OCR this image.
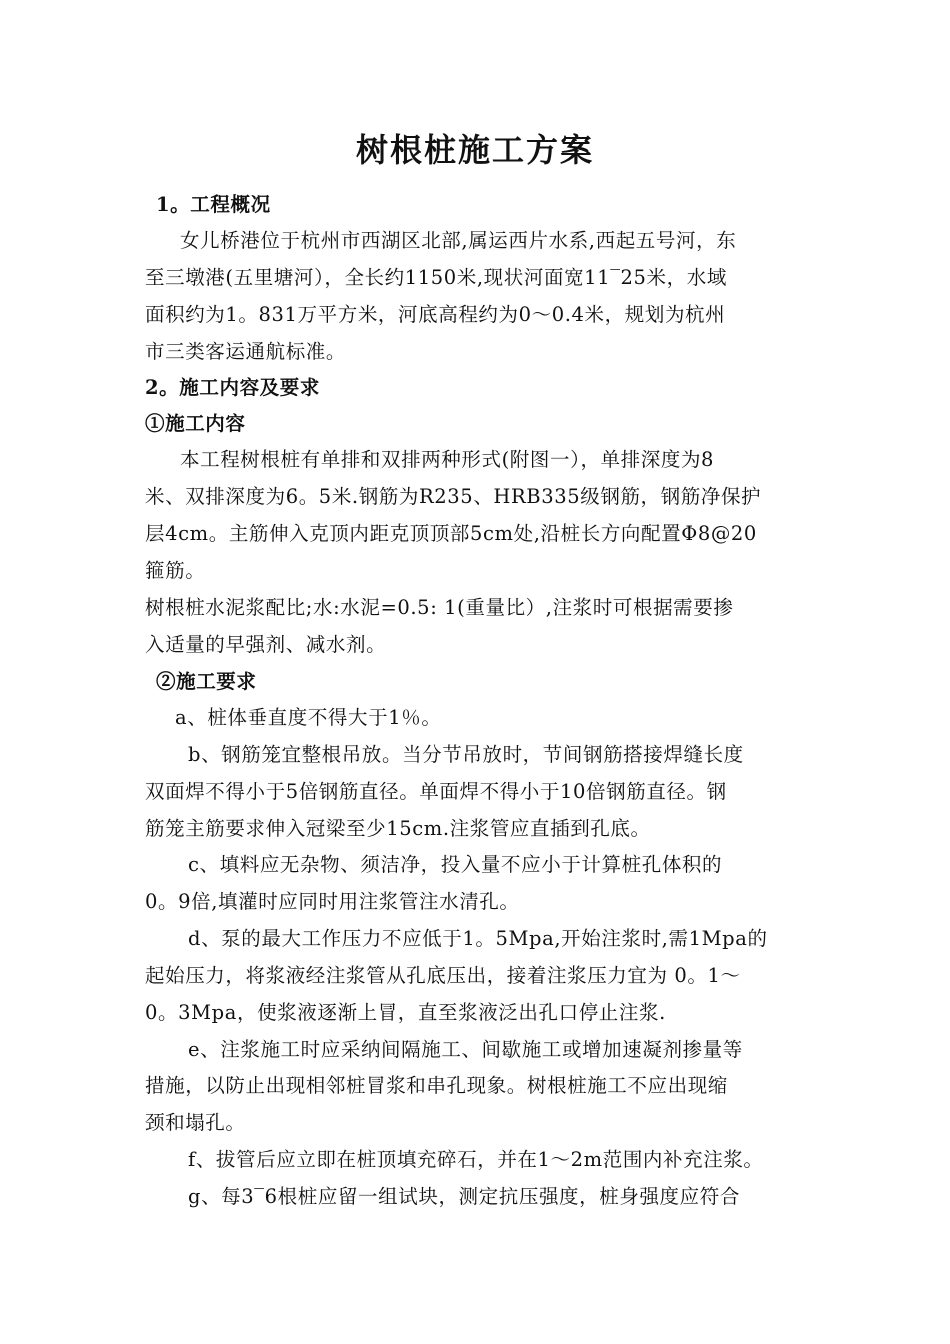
树根桩施工方案
1。工程概况
女儿桥港位于杭州市西湖区北部,属运西片水系,西起五号河，东
至三墩港(五里塘河），全长约1150米,现状河面宽11‾25米，水域
面积约为1。831万平方米，河底高程约为0～0.4米，规划为杭州
市三类客运通航标准。
2。施工内容及要求
①施工内容
本工程树根桩有单排和双排两种形式(附图一），单排深度为8
米、双排深度为6。5米.钢筋为R235、HRB335级钢筋，钢筋净保护
层4cm。主筋伸入克顶内距克顶顶部5cm处,沿桩长方向配置Φ8@20
箍筋。
树根桩水泥浆配比;水:水泥=0.5: 1(重量比）,注浆时可根据需要掺
入适量的早强剂、减水剂。
②施工要求
a、桩体垂直度不得大于1％。
b、钢筋笼宜整根吊放。当分节吊放时，节间钢筋搭接焊缝长度
双面焊不得小于5倍钢筋直径。单面焊不得小于10倍钢筋直径。钢
筋笼主筋要求伸入冠梁至少15cm.注浆管应直插到孔底。
c、填料应无杂物、须洁净，投入量不应小于计算桩孔体积的
0。9倍,填灌时应同时用注浆管注水清孔。
d、泵的最大工作压力不应低于1。5Mpa,开始注浆时,需1Mpa的
起始压力，将浆液经注浆管从孔底压出，接着注浆压力宜为 0。1～
0。3Mpa，使浆液逐渐上冒，直至浆液泛出孔口停止注浆.
e、注浆施工时应采纳间隔施工、间歇施工或增加速凝剂掺量等
措施，以防止出现相邻桩冒浆和串孔现象。树根桩施工不应出现缩
颈和塌孔。
f、拔管后应立即在桩顶填充碎石，并在1～2m范围内补充注浆。
g、每3‾6根桩应留一组试块，测定抗压强度，桩身强度应符合
